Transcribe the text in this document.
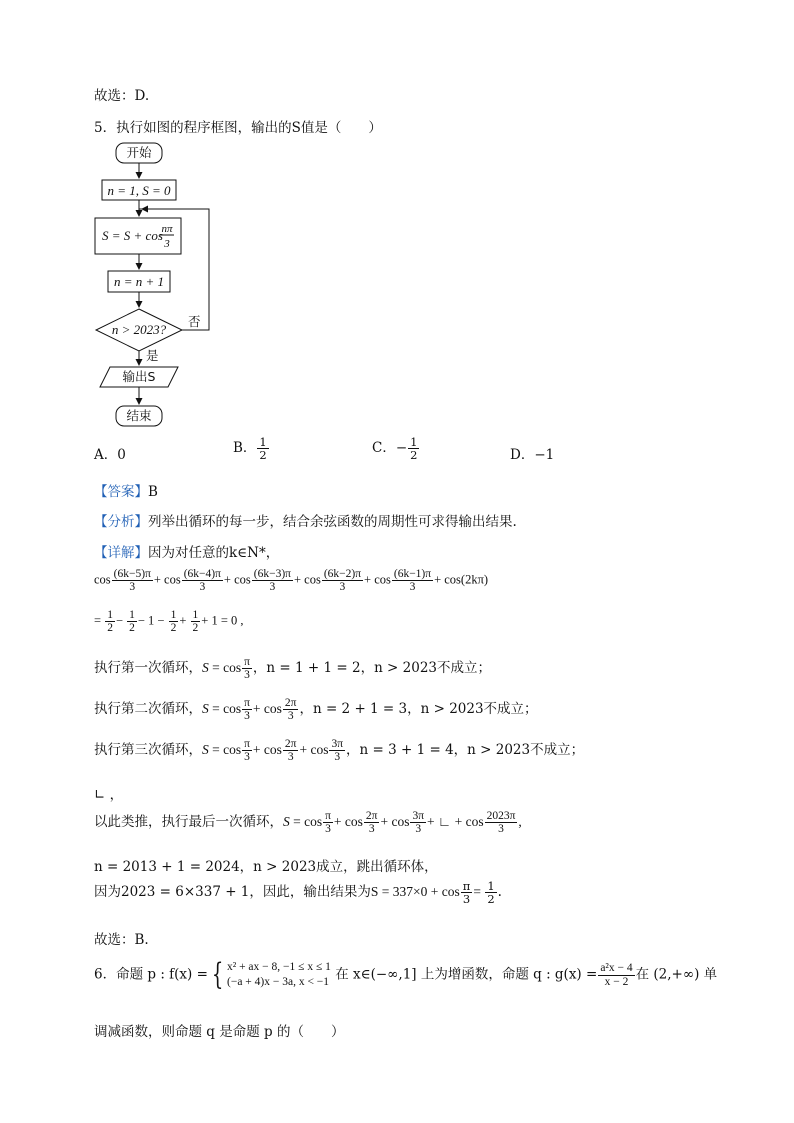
故选：D.
5．执行如图的程序框图，输出的S值是（　　）
开始
n = 1, S = 0
S = S + cos
nπ
3
n = n + 1
n > 2023?
否
是
输出S
结束
A．0	B． $\frac{1}{2}$	C．− $\frac{1}{2}$	D．−1
【答案】B
【分析】列举出循环的每一步，结合余弦函数的周期性可求得输出结果.
【详解】因为对任意的k∈N*，
$\cos \frac{(6k-5)\pi}{3} + \cos \frac{(6k-4)\pi}{3} + \cos \frac{(6k-3)\pi}{3} + \cos \frac{(6k-2)\pi}{3} + \cos \frac{(6k-1)\pi}{3} + \cos(2k\pi)$
= $\frac{1}{2} - \frac{1}{2} - 1 - \frac{1}{2} + \frac{1}{2} + 1 = 0$ ,
执行第一次循环，$S = \cos \frac{\pi}{3}$ ，n = 1 + 1 = 2，n > 2023不成立；
执行第二次循环，$S = \cos \frac{\pi}{3} + \cos \frac{2\pi}{3}$ ，n = 2 + 1 = 3，n > 2023不成立；
执行第三次循环，$S = \cos \frac{\pi}{3} + \cos \frac{2\pi}{3} + \cos \frac{3\pi}{3}$ ，n = 3 + 1 = 4，n > 2023不成立；
∟ ，
以此类推，执行最后一次循环，$S = \cos \frac{\pi}{3} + \cos \frac{2\pi}{3} + \cos \frac{3\pi}{3}$ + ∟ + $\cos \frac{2023\pi}{3}$ ,
n = 2013 + 1 = 2024，n > 2023成立，跳出循环体，
因为2023 = 6×337 + 1，因此，输出结果为$S = 337\times 0 + \cos \frac{\pi}{3} = \frac{1}{2}$ .
故选：B.
6．命题 p : f(x) = { x² + ax − 8, −1 ≤ x ≤ 1
(−a + 4)x − 3a, x < −1 在 x∈(−∞,1] 上为增函数，命题 q : $g(x) = \frac{\text{a²x − 4}}{x - 2}$ 在 (2,+∞) 单
调减函数，则命题 q 是命题 p 的（　　）
